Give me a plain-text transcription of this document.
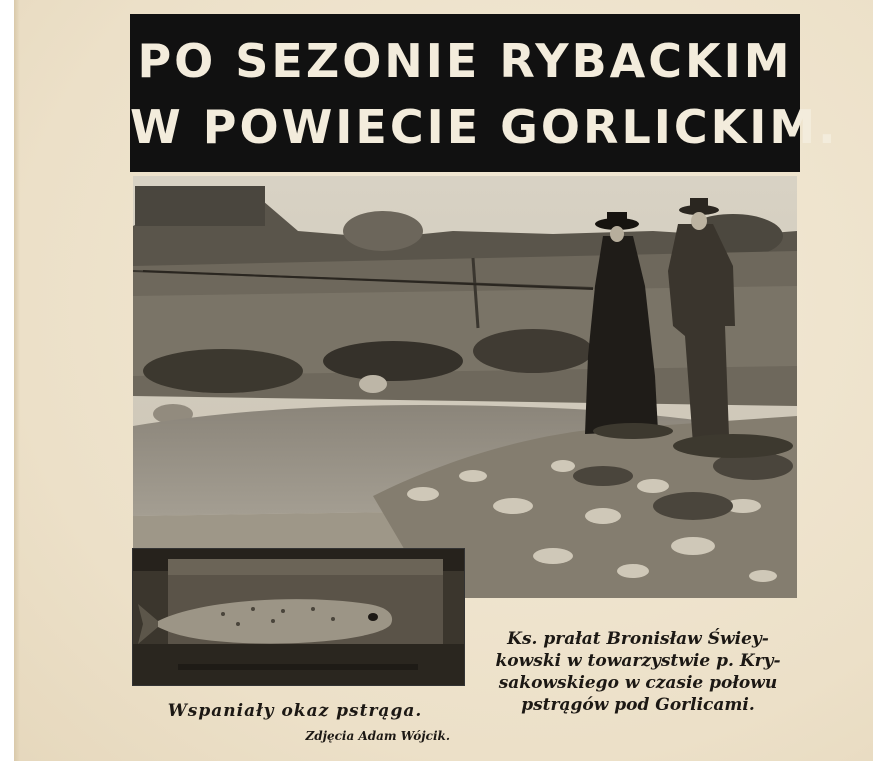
PO SEZONIE RYBACKIM
W POWIECIE GORLICKIM.
Ks. prałat Bronisław Świey-
kowski w towarzystwie p. Kry-
sakowskiego w czasie połowu
pstrągów pod Gorlicami.
Wspaniały okaz pstrąga.
Zdjęcia Adam Wójcik.
